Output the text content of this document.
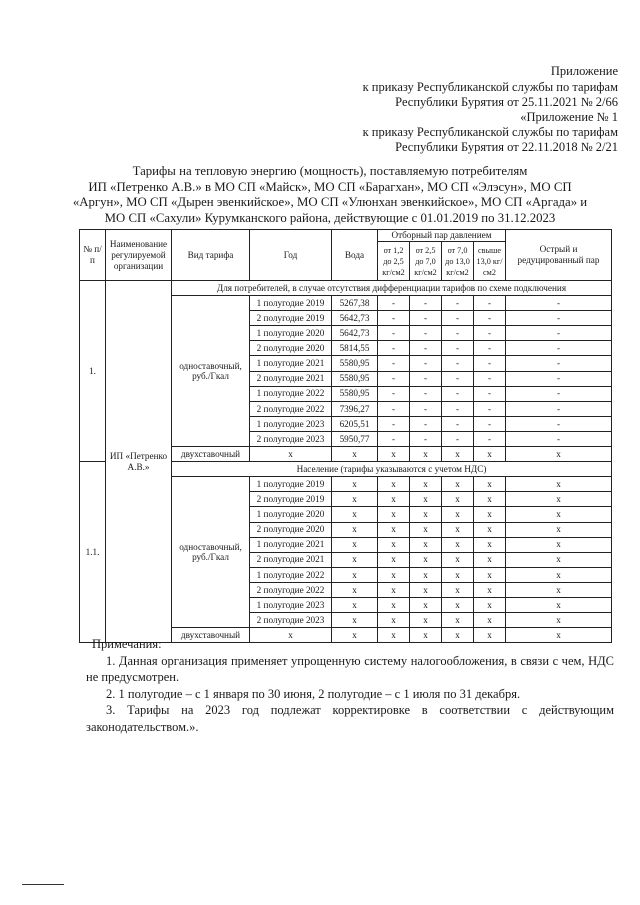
Приложение
к приказу Республиканской службы по тарифам
Республики Бурятия от 25.11.2021 № 2/66
«Приложение № 1
к приказу Республиканской службы по тарифам
Республики Бурятия от 22.11.2018 № 2/21
Тарифы на тепловую энергию (мощность), поставляемую потребителям
ИП «Петренко А.В.» в МО СП «Майск», МО СП «Барагхан», МО СП «Элэсун», МО СП
«Аргун», МО СП «Дырен эвенкийское», МО СП «Улюнхан эвенкийское», МО СП «Аргада» и
МО СП «Сахули» Курумканского района, действующие с 01.01.2019 по 31.12.2023
№ п/п	Наименование регулируемой организации	Вид тарифа	Год	Вода	Отборный пар давлением				Острый и редуцированный пар
					от 1,2 до 2,5 кг/см2	от 2,5 до 7,0 кг/см2	от 7,0 до 13,0 кг/см2	свыше 13,0 кг/см2	
1.	ИП «Петренко А.В.»	Для потребителей, в случае отсутствия дифференциации тарифов по схеме подключения							
		одноставочный, руб./Гкал	1 полугодие 2019	5267,38	-	-	-	-	-
			2 полугодие 2019	5642,73	-	-	-	-	-
			1 полугодие 2020	5642,73	-	-	-	-	-
			2 полугодие 2020	5814,55	-	-	-	-	-
			1 полугодие 2021	5580,95	-	-	-	-	-
			2 полугодие 2021	5580,95	-	-	-	-	-
			1 полугодие 2022	5580,95	-	-	-	-	-
			2 полугодие 2022	7396,27	-	-	-	-	-
			1 полугодие 2023	6205,51	-	-	-	-	-
			2 полугодие 2023	5950,77	-	-	-	-	-
		двухставочный	x	x	x	x	x	x	x
1.1.		Население (тарифы указываются с учетом НДС)							
		одноставочный, руб./Гкал	1 полугодие 2019	x	x	x	x	x	x
			2 полугодие 2019	x	x	x	x	x	x
			1 полугодие 2020	x	x	x	x	x	x
			2 полугодие 2020	x	x	x	x	x	x
			1 полугодие 2021	x	x	x	x	x	x
			2 полугодие 2021	x	x	x	x	x	x
			1 полугодие 2022	x	x	x	x	x	x
			2 полугодие 2022	x	x	x	x	x	x
			1 полугодие 2023	x	x	x	x	x	x
			2 полугодие 2023	x	x	x	x	x	x
		двухставочный	x	x	x	x	x	x	x
Примечания:
1. Данная организация применяет упрощенную систему налогообложения, в связи с чем, НДС не предусмотрен.
2. 1 полугодие – с 1 января по 30 июня, 2 полугодие – с 1 июля по 31 декабря.
3. Тарифы на 2023 год подлежат корректировке в соответствии с действующим законодательством.».
